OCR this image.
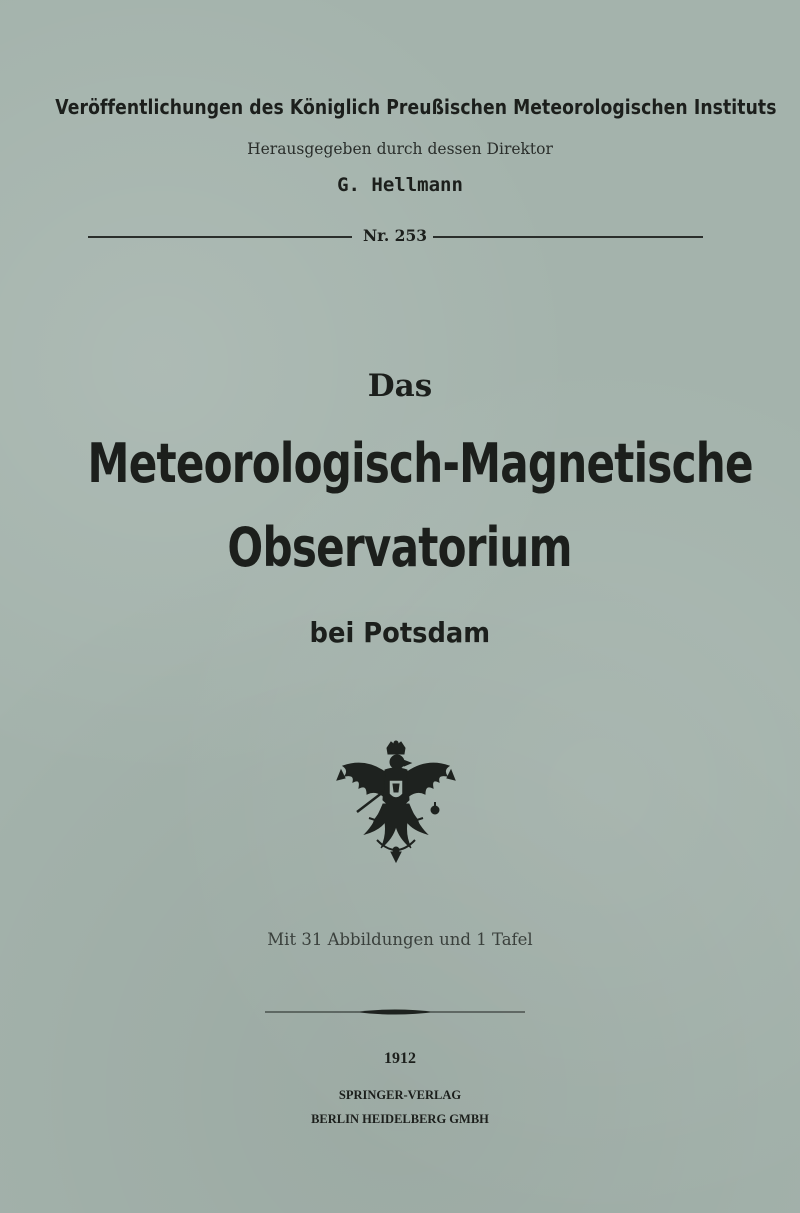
Veröffentlichungen des Königlich Preußischen Meteorologischen Instituts
Herausgegeben durch dessen Direktor
G. Hellmann
Nr. 253
Das
Meteorologisch-Magnetische
Observatorium
bei Potsdam
Mit 31 Abbildungen und 1 Tafel
1912
SPRINGER-VERLAG
BERLIN HEIDELBERG GMBH
